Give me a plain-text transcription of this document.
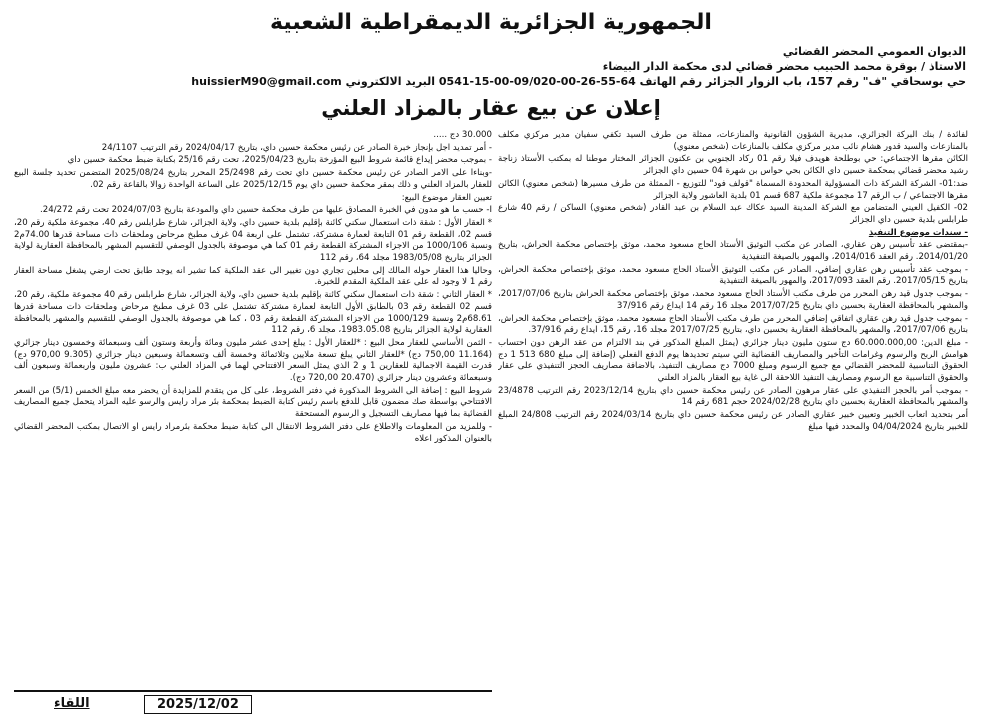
الجمهورية الجزائرية الديمقراطية الشعبية
الديوان العمومي المحضر القضائي
الاستاذ / بوقرة محمد الحبيب محضر قضائي لدى محكمة الدار البيضاء
حي بوسحاقي "ف" رقم 157، باب الزوار الجزائر رقم الهاتف 64-55-26-00-09/020-00-15-0541 البريد الالكتروني huissierM90@gmail.com
إعلان عن بيع عقار بالمزاد العلني

لفائدة / بنك البركة الجزائري، مديرية الشؤون القانونية والمنازعات، ممثلة من طرف السيد تكفي سفيان مدير مركزي مكلف بالمنازعات والسيد قدور هشام نائب مدير مركزي مكلف بالمنازعات (شخص معنوي)

الكائن مقرها الاجتماعي: حي بوطلحة هويدف فيلا رقم 01 ركاد الجنوبي بن عكنون الجزائر المختار موطنا له بمكتب الأستاذ زناجة رشيد محضر قضائي بمحكمة حسين داي الكائن بحي حواس بن شهرة 04 حسين داي الجزائر

ضد:01- الشركة الشركة ذات المسؤولية المحدودة المسماة "قولف فود" للتوزيع - الممثلة من طرف مسيرها (شخص معنوي) الكائن مقرها الاجتماعي / ب الرقم 17 مجموعة ملكية 687 قسم 01 بلدية العاشور ولاية الجزائر

02- الكفيل العيني المتضامن مع الشركة المدينة السيد عكاك عبد السلام بن عبد القادر (شخص معنوي) الساكن / رقم 40 شارع طرابلس بلدية حسين داي الجزائر

- سندات موضوع التنفيذ

-بمقتضى عقد تأسيس رهن عقاري، الصادر عن مكتب التوثيق الأستاذ الحاج مسعود محمد، موثق بإختصاص محكمة الحراش، بتاريخ 2014/01/20. رقم العقد 2014/016، والمهور بالصيغة التنفيذية

- بموجب عقد تأسيس رهن عقاري إضافي، الصادر عن مكتب التوثيق الأستاذ الحاج مسعود محمد، موثق بإختصاص محكمة الحراش، بتاريخ 2017/05/15. رقم العقد 2017/093، والمهور بالصيغة التنفيذية

- بموجب جدول قيد رهن المحرر من طرف مكتب الأستاذ الحاج مسعود محمد، موثق بإختصاص محكمة الحراش بتاريخ 2017/07/06، والمشهر بالمحافظة العقارية بحسين داي بتاريخ 2017/07/25 مجلد 16 رقم 14 ايداع رقم 37/916

- بموجب جدول قيد رهن عقاري اتفاقي إضافي المحرر من طرف مكتب الأستاذ الحاج مسعود محمد، موثق بإختصاص محكمة الحراش، بتاريخ 2017/07/06، والمشهر بالمحافظة العقارية بحسين داي، بتاريخ 2017/07/25 مجلد 16، رقم 15، ايداع رقم 37/916.

- مبلغ الدين: 60.000.000,00 دج ستون مليون دينار جزائري (يمثل المبلغ المذكور في بند الالتزام من عقد الرهن دون احتساب هوامش الربح والرسوم وغرامات التأخير والمصاريف القضائية التي سيتم تحديدها يوم الدفع الفعلي (إضافة إلى مبلغ 680 513 1 دج الحقوق التناسبية للمحضر القضائي مع جميع الرسوم ومبلغ 7000 دج مصاريف التنفيذ، بالاضافة مصاريف الحجز التنفيذي على عقار والحقوق التناسبية مع الرسوم ومصاريف التنفيذ اللاحقة الى غاية بيع العقار بالمزاد العلني

- بموجب أمر بالحجز التنفيذي على عقار مرهون الصادر عن رئيس محكمة حسين داي بتاريخ 2023/12/14 رقم الترتيب 23/4878 والمشهر بالمحافظة العقارية بحسين داي بتاريخ 2024/02/28 حجم 681 رقم 14

أمر بتحديد اتعاب الخبير وتعيين خبير عقاري الصادر عن رئيس محكمة حسين داي بتاريخ 2024/03/14 رقم الترتيب 24/808 المبلغ للخبير بتاريخ 04/04/2024 والمحدد فيها مبلغ

30.000 دج .....

- أمر تمديد اجل بإنجاز خبرة الصادر عن رئيس محكمة حسين داي، بتاريخ 2024/04/17 رقم الترتيب 24/1107

- بموجب محضر إيداع قائمة شروط البيع المؤرخة بتاريخ 2025/04/23، تحت رقم 25/16 بكتابة ضبط محكمة حسين داي

-وبناءا على الامر الصادر عن رئيس محكمة حسين داي تحت رقم 25/2498 المحرر بتاريخ 2025/08/24 المتضمن تحديد جلسة البيع للعقار بالمزاد العلني و ذلك بمقر محكمة حسين داي يوم 2025/12/15 على الساعة الواحدة زوالا بالقاعة رقم 02.

تعيين العقار موضوع البيع:

I- حسب ما هو مدون في الخبرة المصادق عليها من طرف محكمة حسين داي والمودعة بتاريخ 2024/07/03 تحت رقم 24/272.

* العقار الأول : شقة ذات استعمال سكني كائنة بإقليم بلدية حسين داي، ولاية الجزائر، شارع طرابلس رقم 40، مجموعة ملكية رقم 20، قسم 02، القطعة رقم 01 التابعة لعمارة مشتركة، تشتمل على اربعة 04 غرف مطبخ مرحاض وملحقات ذات مساحة قدرها 74.00م2 ونسبة 1000/106 من الاجزاء المشتركة القطعة رقم 01 كما هي موصوفة بالجدول الوصفي للتقسيم المشهر بالمحافظة العقارية لولاية الجزائر بتاريخ 1983/05/08 مجلد 64، رقم 112

وحاليا هذا العقار حوله المالك إلى محلين تجاري دون تغيير الى عقد الملكية كما تشير انه يوجد طابق تحت ارضي يشغل مساحة العقار رقم 1 لا وجود له على عقد الملكية المقدم للخبرة.

* العقار الثاني : شقة ذات استعمال سكني كائنة بإقليم بلدية حسين داي، ولاية الجزائر، شارع طرابلس رقم 40 مجموعة ملكية، رقم 20، قسم 02 القطعة رقم 03 بالطابق الأول التابعة لعمارة مشتركة تشتمل على 03 غرف مطبخ مرحاض وملحقات ذات مساحة قدرها 68.61م2 ونسبة 1000/129 من الاجزاء المشتركة القطعة رقم 03 ، كما هي موصوفة بالجدول الوصفي للتقسيم والمشهر بالمحافظة العقارية لولاية الجزائر بتاريخ 1983.05.08، مجلد 6، رقم 112

- الثمن الأساسي للعقار محل البيع : *للعقار الأول : يبلغ إحدى عشر مليون ومائة وأربعة وستون ألف وسبعمائة وخمسون دينار جزائري (11.164 750,00 دج) *للعقار الثاني يبلغ تسعة ملايين وثلاثمائة وخمسة ألف وتسعمائة وسبعين دينار جزائري (9.305 970,00 دج) قدرت القيمة الاجمالية للعقارين 1 و 2 الذي يمثل السعر الافتتاحي لهما في المزاد العلني ب: عشرون مليون واربعمائة وسبعون ألف وسبعمائة وعشرون دينار جزائري (20.470 720,00 دج).

شروط البيع : إضافة الى الشروط المذكورة في دفتر الشروط، على كل من يتقدم للمزايدة أن يحضر معه مبلغ الخمس (5/1) من السعر الافتتاحي بواسطة صك مضمون قابل للدفع باسم رئيس كتابة الضبط بمحكمة بئر مراد رايس والرسو عليه المزاد يتحمل جميع المصاريف القضائية بما فيها مصاريف التسجيل و الرسوم المستحقة

- وللمزيد من المعلومات والاطلاع على دفتر الشروط الانتقال الى كتابة ضبط محكمة بئرمراد رايس او الاتصال بمكتب المحضر القضائي بالعنوان المذكور اعلاه

2025/12/02
اللقاء
